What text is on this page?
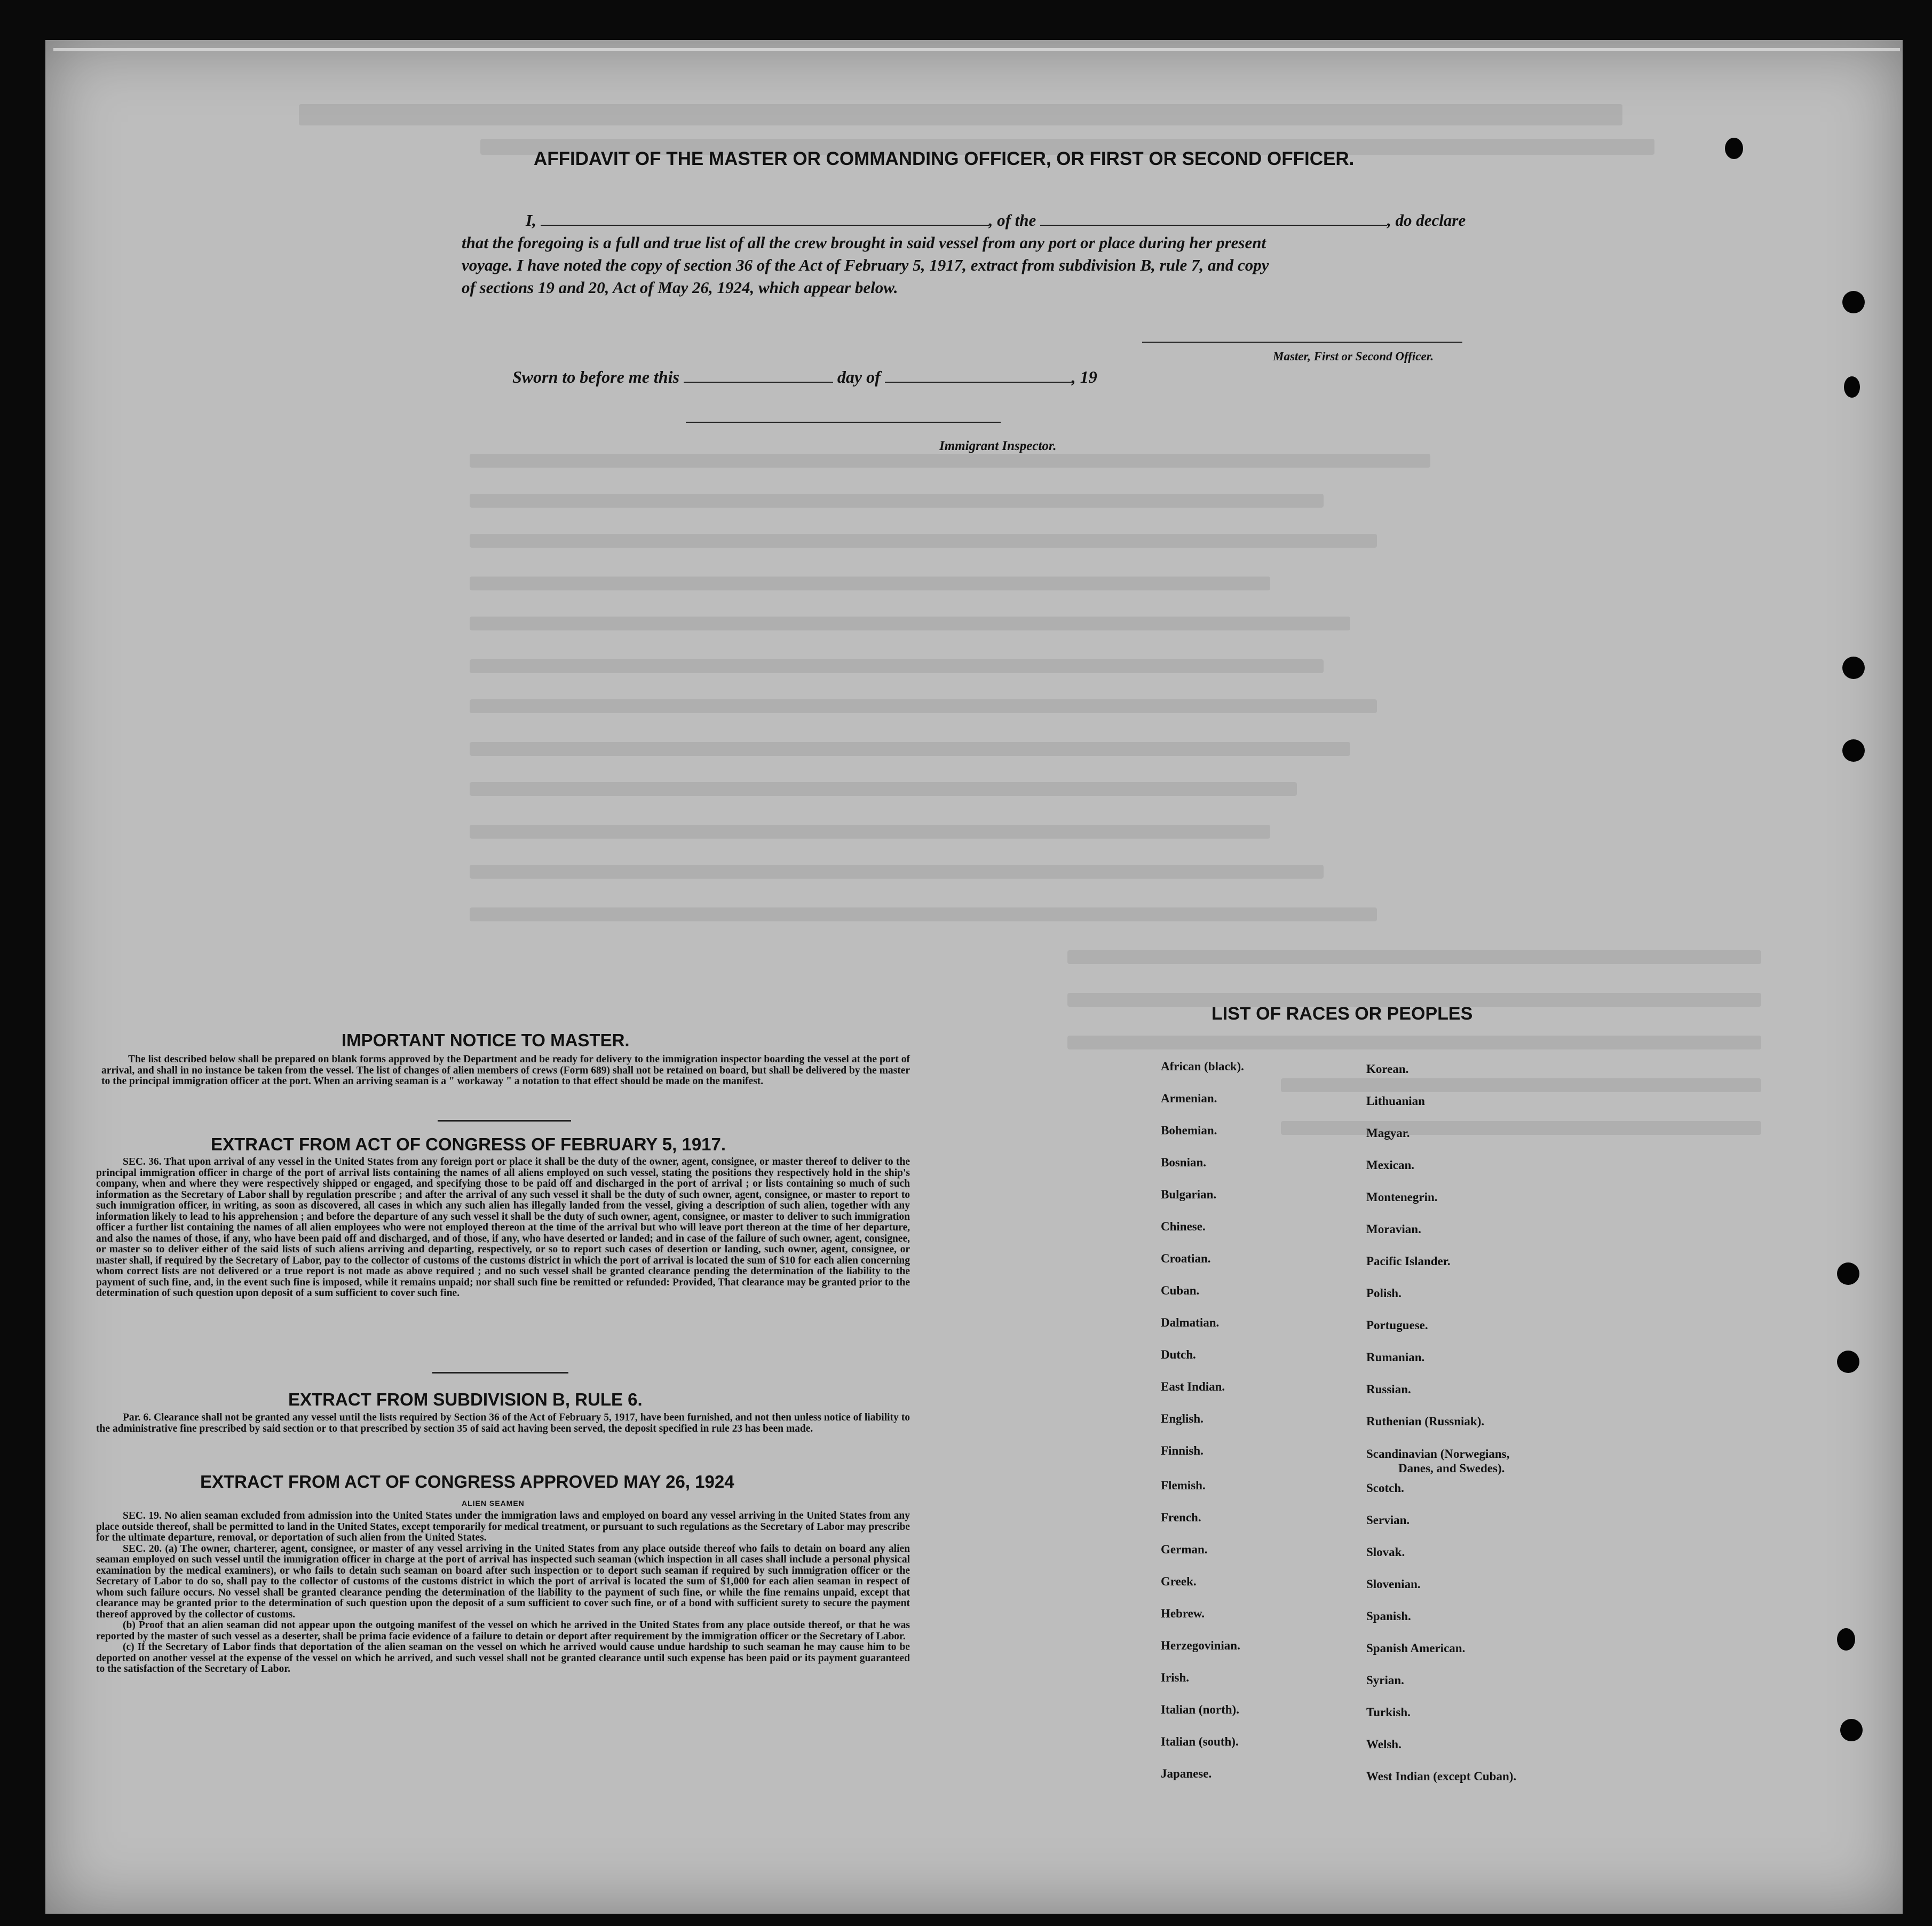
AFFIDAVIT OF THE MASTER OR COMMANDING OFFICER, OR FIRST OR SECOND OFFICER.
I,	, of the	, do declare
that the foregoing is a full and true list of all the crew brought in said vessel from any port or place during her present
voyage. I have noted the copy of section 36 of the Act of February 5, 1917, extract from subdivision B, rule 7, and copy
of sections 19 and 20, Act of May 26, 1924, which appear below.
Master, First or Second Officer.
Sworn to before me this	day of	, 19
Immigrant Inspector.
IMPORTANT NOTICE TO MASTER.

The list described below shall be prepared on blank forms approved by the Department and be ready for delivery to the immigration inspector boarding the vessel at the port of arrival, and shall in no instance be taken from the vessel. The list of changes of alien members of crews (Form 689) shall not be retained on board, but shall be delivered by the master to the principal immigration officer at the port. When an arriving seaman is a " workaway " a notation to that effect should be made on the manifest.

EXTRACT FROM ACT OF CONGRESS OF FEBRUARY 5, 1917.

SEC. 36. That upon arrival of any vessel in the United States from any foreign port or place it shall be the duty of the owner, agent, consignee, or master thereof to deliver to the principal immigration officer in charge of the port of arrival lists containing the names of all aliens employed on such vessel, stating the positions they respectively hold in the ship's company, when and where they were respectively shipped or engaged, and specifying those to be paid off and discharged in the port of arrival ; or lists containing so much of such information as the Secretary of Labor shall by regulation prescribe ; and after the arrival of any such vessel it shall be the duty of such owner, agent, consignee, or master to report to such immigration officer, in writing, as soon as discovered, all cases in which any such alien has illegally landed from the vessel, giving a description of such alien, together with any information likely to lead to his apprehension ; and before the departure of any such vessel it shall be the duty of such owner, agent, consignee, or master to deliver to such immigration officer a further list containing the names of all alien employees who were not employed thereon at the time of the arrival but who will leave port thereon at the time of her departure, and also the names of those, if any, who have been paid off and discharged, and of those, if any, who have deserted or landed; and in case of the failure of such owner, agent, consignee, or master so to deliver either of the said lists of such aliens arriving and departing, respectively, or so to report such cases of desertion or landing, such owner, agent, consignee, or master shall, if required by the Secretary of Labor, pay to the collector of customs of the customs district in which the port of arrival is located the sum of $10 for each alien concerning whom correct lists are not delivered or a true report is not made as above required ; and no such vessel shall be granted clearance pending the determination of the liability to the payment of such fine, and, in the event such fine is imposed, while it remains unpaid; nor shall such fine be remitted or refunded: Provided, That clearance may be granted prior to the determination of such question upon deposit of a sum sufficient to cover such fine.

EXTRACT FROM SUBDIVISION B, RULE 6.

Par. 6. Clearance shall not be granted any vessel until the lists required by Section 36 of the Act of February 5, 1917, have been furnished, and not then unless notice of liability to the administrative fine prescribed by said section or to that prescribed by section 35 of said act having been served, the deposit specified in rule 23 has been made.

EXTRACT FROM ACT OF CONGRESS APPROVED MAY 26, 1924
ALIEN SEAMEN

SEC. 19. No alien seaman excluded from admission into the United States under the immigration laws and employed on board any vessel arriving in the United States from any place outside thereof, shall be permitted to land in the United States, except temporarily for medical treatment, or pursuant to such regulations as the Secretary of Labor may prescribe for the ultimate departure, removal, or deportation of such alien from the United States.

SEC. 20. (a) The owner, charterer, agent, consignee, or master of any vessel arriving in the United States from any place outside thereof who fails to detain on board any alien seaman employed on such vessel until the immigration officer in charge at the port of arrival has inspected such seaman (which inspection in all cases shall include a personal physical examination by the medical examiners), or who fails to detain such seaman on board after such inspection or to deport such seaman if required by such immigration officer or the Secretary of Labor to do so, shall pay to the collector of customs of the customs district in which the port of arrival is located the sum of $1,000 for each alien seaman in respect of whom such failure occurs. No vessel shall be granted clearance pending the determination of the liability to the payment of such fine, or while the fine remains unpaid, except that clearance may be granted prior to the determination of such question upon the deposit of a sum sufficient to cover such fine, or of a bond with sufficient surety to secure the payment thereof approved by the collector of customs.

(b) Proof that an alien seaman did not appear upon the outgoing manifest of the vessel on which he arrived in the United States from any place outside thereof, or that he was reported by the master of such vessel as a deserter, shall be prima facie evidence of a failure to detain or deport after requirement by the immigration officer or the Secretary of Labor.

(c) If the Secretary of Labor finds that deportation of the alien seaman on the vessel on which he arrived would cause undue hardship to such seaman he may cause him to be deported on another vessel at the expense of the vessel on which he arrived, and such vessel shall not be granted clearance until such expense has been paid or its payment guaranteed to the satisfaction of the Secretary of Labor.

LIST OF RACES OR PEOPLES
African (black).
Armenian.
Bohemian.
Bosnian.
Bulgarian.
Chinese.
Croatian.
Cuban.
Dalmatian.
Dutch.
East Indian.
English.
Finnish.
Flemish.
French.
German.
Greek.
Hebrew.
Herzegovinian.
Irish.
Italian (north).
Italian (south).
Japanese.
Korean.
Lithuanian
Magyar.
Mexican.
Montenegrin.
Moravian.
Pacific Islander.
Polish.
Portuguese.
Rumanian.
Russian.
Ruthenian (Russniak).
Scandinavian (Norwegians,
Danes, and Swedes).
Scotch.
Servian.
Slovak.
Slovenian.
Spanish.
Spanish American.
Syrian.
Turkish.
Welsh.
West Indian (except Cuban).
